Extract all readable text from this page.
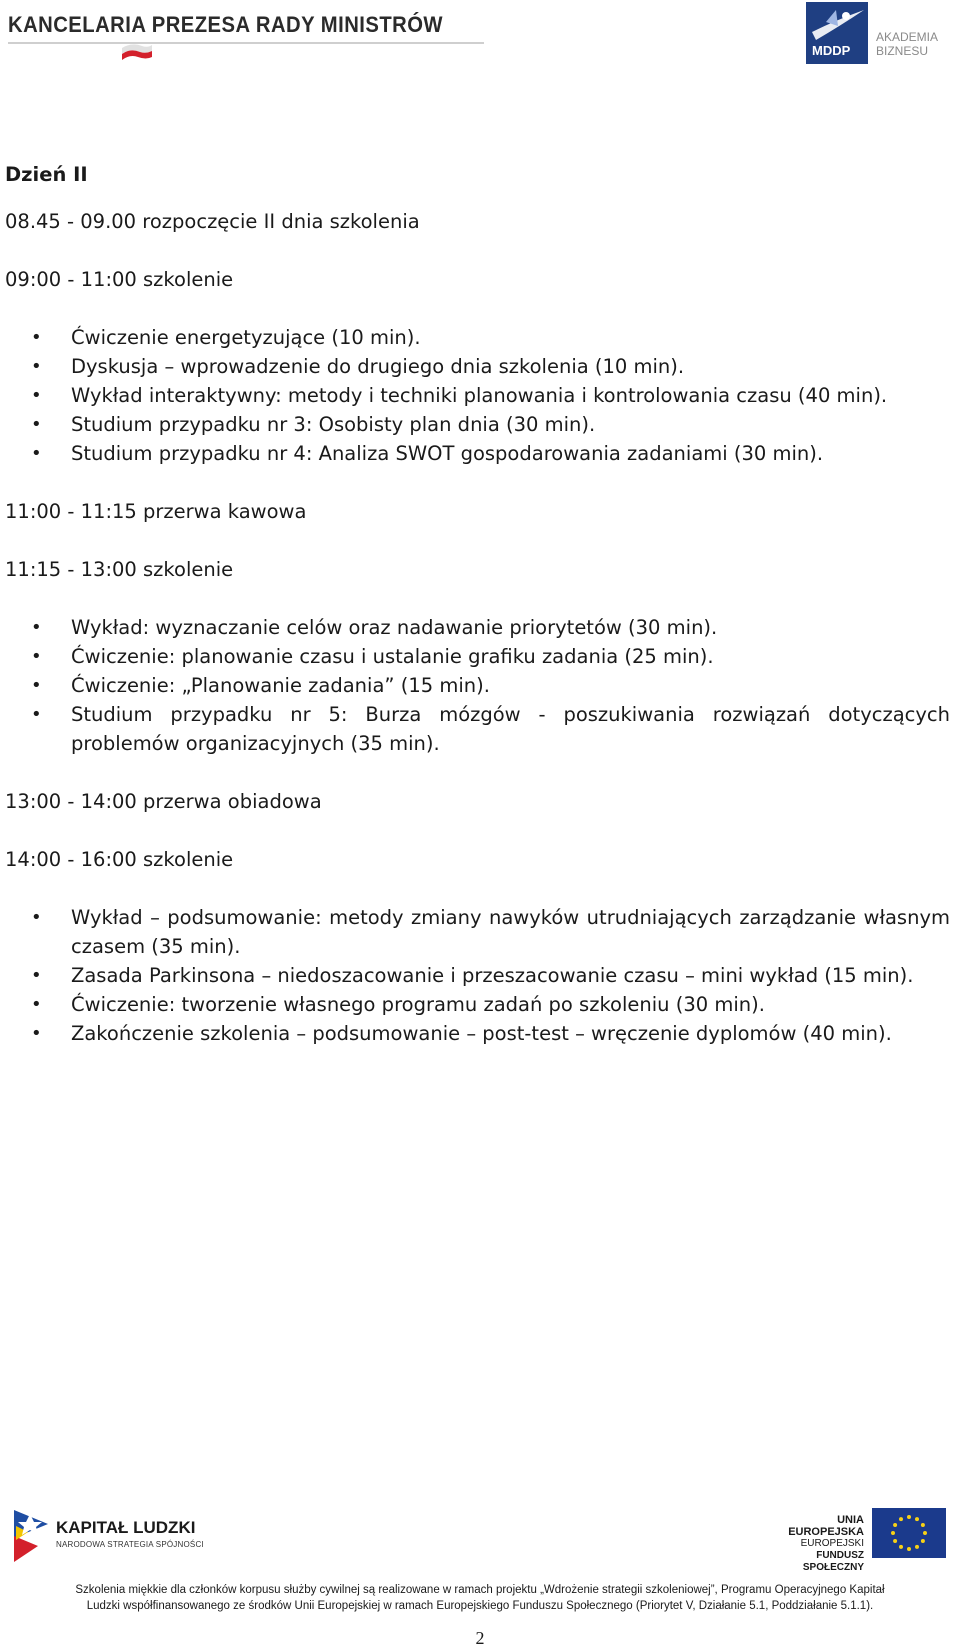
KANCELARIA PREZESA RADY MINISTRÓW
MDDP
AKADEMIA
BIZNESU
Dzień II
08.45 - 09.00 rozpoczęcie II dnia szkolenia
09:00 - 11:00 szkolenie
• Ćwiczenie energetyzujące (10 min).
• Dyskusja – wprowadzenie do drugiego dnia szkolenia (10 min).
• Wykład interaktywny: metody i techniki planowania i kontrolowania czasu (40 min).
• Studium przypadku nr 3: Osobisty plan dnia (30 min).
• Studium przypadku nr 4: Analiza SWOT gospodarowania zadaniami (30 min).
11:00 - 11:15 przerwa kawowa
11:15 - 13:00 szkolenie
• Wykład: wyznaczanie celów oraz nadawanie priorytetów (30 min).
• Ćwiczenie: planowanie czasu i ustalanie grafiku zadania (25 min).
• Ćwiczenie: „Planowanie zadania” (15 min).
• Studium przypadku nr 5: Burza mózgów - poszukiwania rozwiązań dotyczących problemów organizacyjnych (35 min).
13:00 - 14:00 przerwa obiadowa
14:00 - 16:00 szkolenie
• Wykład – podsumowanie: metody zmiany nawyków utrudniających zarządzanie własnym czasem (35 min).
• Zasada Parkinsona – niedoszacowanie i przeszacowanie czasu – mini wykład (15 min).
• Ćwiczenie: tworzenie własnego programu zadań po szkoleniu (30 min).
• Zakończenie szkolenia – podsumowanie – post-test – wręczenie dyplomów (40 min).
KAPITAŁ LUDZKI
NARODOWA STRATEGIA SPÓJNOŚCI
UNIA EUROPEJSKA
EUROPEJSKI
FUNDUSZ SPOŁECZNY
Szkolenia miękkie dla członków korpusu służby cywilnej są realizowane w ramach projektu „Wdrożenie strategii szkoleniowej”, Programu Operacyjnego Kapitał
Ludzki współfinansowanego ze środków Unii Europejskiej w ramach Europejskiego Funduszu Społecznego (Priorytet V, Działanie 5.1, Poddziałanie 5.1.1).
2
